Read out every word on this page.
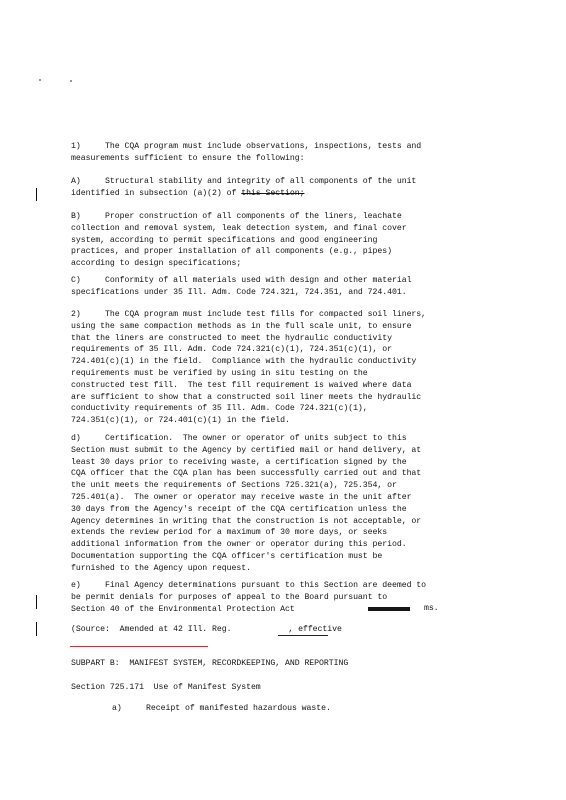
1)     The CQA program must include observations, inspections, tests and
measurements sufficient to ensure the following:
A)     Structural stability and integrity of all components of the unit
identified in subsection (a)(2) of this Section;
B)     Proper construction of all components of the liners, leachate
collection and removal system, leak detection system, and final cover
system, according to permit specifications and good engineering
practices, and proper installation of all components (e.g., pipes)
according to design specifications;
C)     Conformity of all materials used with design and other material
specifications under 35 Ill. Adm. Code 724.321, 724.351, and 724.401.
2)     The CQA program must include test fills for compacted soil liners,
using the same compaction methods as in the full scale unit, to ensure
that the liners are constructed to meet the hydraulic conductivity
requirements of 35 Ill. Adm. Code 724.321(c)(1), 724.351(c)(1), or
724.401(c)(1) in the field.  Compliance with the hydraulic conductivity
requirements must be verified by using in situ testing on the
constructed test fill.  The test fill requirement is waived where data
are sufficient to show that a constructed soil liner meets the hydraulic
conductivity requirements of 35 Ill. Adm. Code 724.321(c)(1),
724.351(c)(1), or 724.401(c)(1) in the field.
d)     Certification.  The owner or operator of units subject to this
Section must submit to the Agency by certified mail or hand delivery, at
least 30 days prior to receiving waste, a certification signed by the
CQA officer that the CQA plan has been successfully carried out and that
the unit meets the requirements of Sections 725.321(a), 725.354, or
725.401(a).  The owner or operator may receive waste in the unit after
30 days from the Agency's receipt of the CQA certification unless the
Agency determines in writing that the construction is not acceptable, or
extends the review period for a maximum of 30 more days, or seeks
additional information from the owner or operator during this period.
Documentation supporting the CQA officer's certification must be
furnished to the Agency upon request.
e)     Final Agency determinations pursuant to this Section are deemed to
be permit denials for purposes of appeal to the Board pursuant to
Section 40 of the Environmental Protection Act	ms.
(Source:  Amended at 42 Ill. Reg.	, effective
SUBPART B:  MANIFEST SYSTEM, RECORDKEEPING, AND REPORTING
Section 725.171  Use of Manifest System
a)     Receipt of manifested hazardous waste.
